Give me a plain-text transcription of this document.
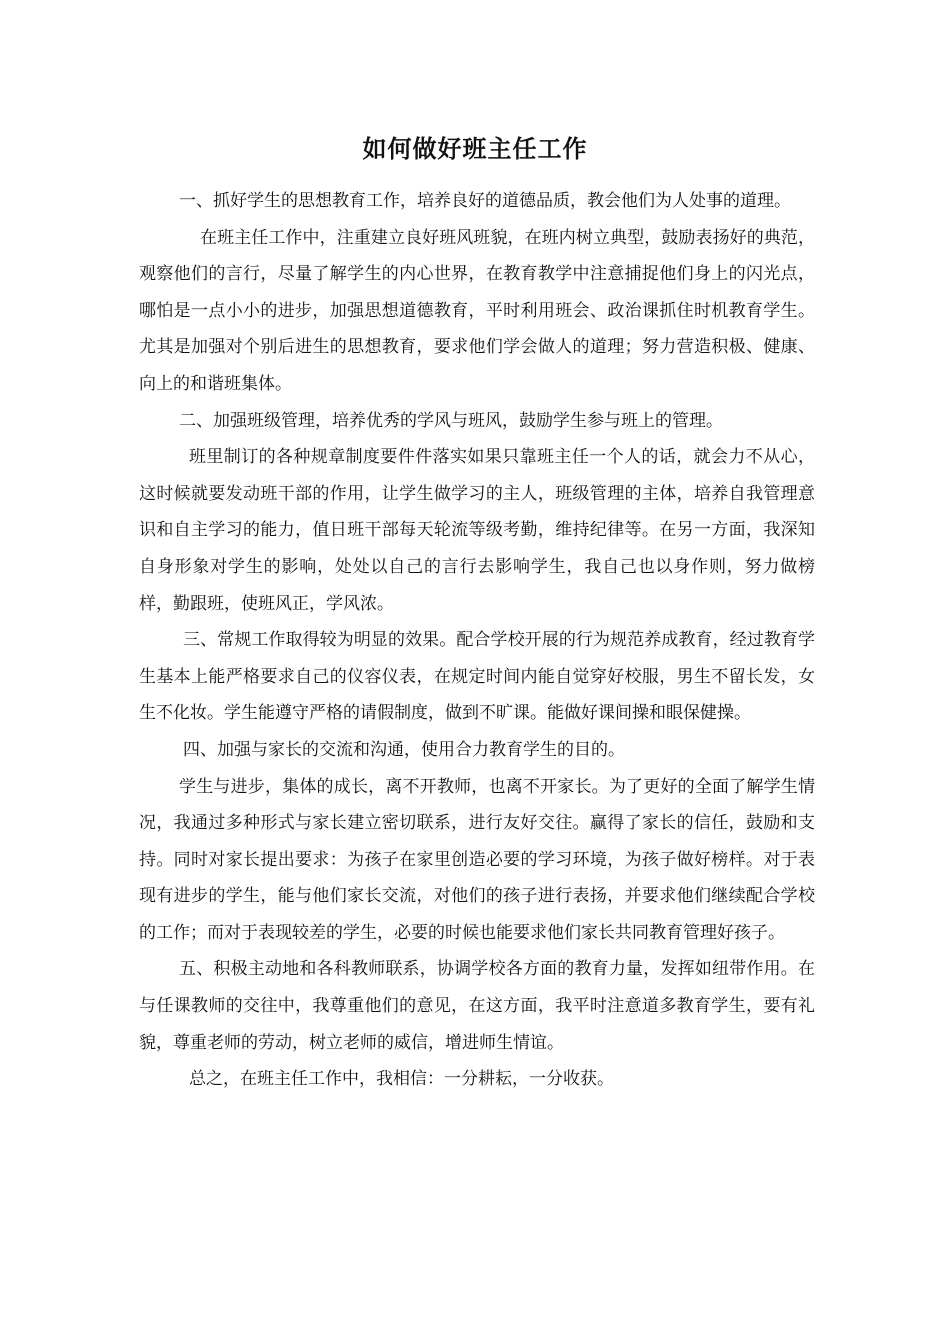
如何做好班主任工作

一、抓好学生的思想教育工作，培养良好的道德品质，教会他们为人处事的道理。

在班主任工作中，注重建立良好班风班貌，在班内树立典型，鼓励表扬好的典范，观察他们的言行，尽量了解学生的内心世界，在教育教学中注意捕捉他们身上的闪光点，哪怕是一点小小的进步，加强思想道德教育，平时利用班会、政治课抓住时机教育学生。尤其是加强对个别后进生的思想教育，要求他们学会做人的道理；努力营造积极、健康、向上的和谐班集体。

二、加强班级管理，培养优秀的学风与班风，鼓励学生参与班上的管理。

班里制订的各种规章制度要件件落实如果只靠班主任一个人的话，就会力不从心，这时候就要发动班干部的作用，让学生做学习的主人，班级管理的主体，培养自我管理意识和自主学习的能力，值日班干部每天轮流等级考勤，维持纪律等。在另一方面，我深知自身形象对学生的影响，处处以自己的言行去影响学生，我自己也以身作则，努力做榜样，勤跟班，使班风正，学风浓。

三、常规工作取得较为明显的效果。配合学校开展的行为规范养成教育，经过教育学生基本上能严格要求自己的仪容仪表，在规定时间内能自觉穿好校服，男生不留长发，女生不化妆。学生能遵守严格的请假制度，做到不旷课。能做好课间操和眼保健操。

四、加强与家长的交流和沟通，使用合力教育学生的目的。

学生与进步，集体的成长，离不开教师，也离不开家长。为了更好的全面了解学生情况，我通过多种形式与家长建立密切联系，进行友好交往。赢得了家长的信任，鼓励和支持。同时对家长提出要求：为孩子在家里创造必要的学习环境，为孩子做好榜样。对于表现有进步的学生，能与他们家长交流，对他们的孩子进行表扬，并要求他们继续配合学校的工作；而对于表现较差的学生，必要的时候也能要求他们家长共同教育管理好孩子。

五、积极主动地和各科教师联系，协调学校各方面的教育力量，发挥如纽带作用。在与任课教师的交往中，我尊重他们的意见，在这方面，我平时注意道多教育学生，要有礼貌，尊重老师的劳动，树立老师的威信，增进师生情谊。

总之，在班主任工作中，我相信：一分耕耘，一分收获。
